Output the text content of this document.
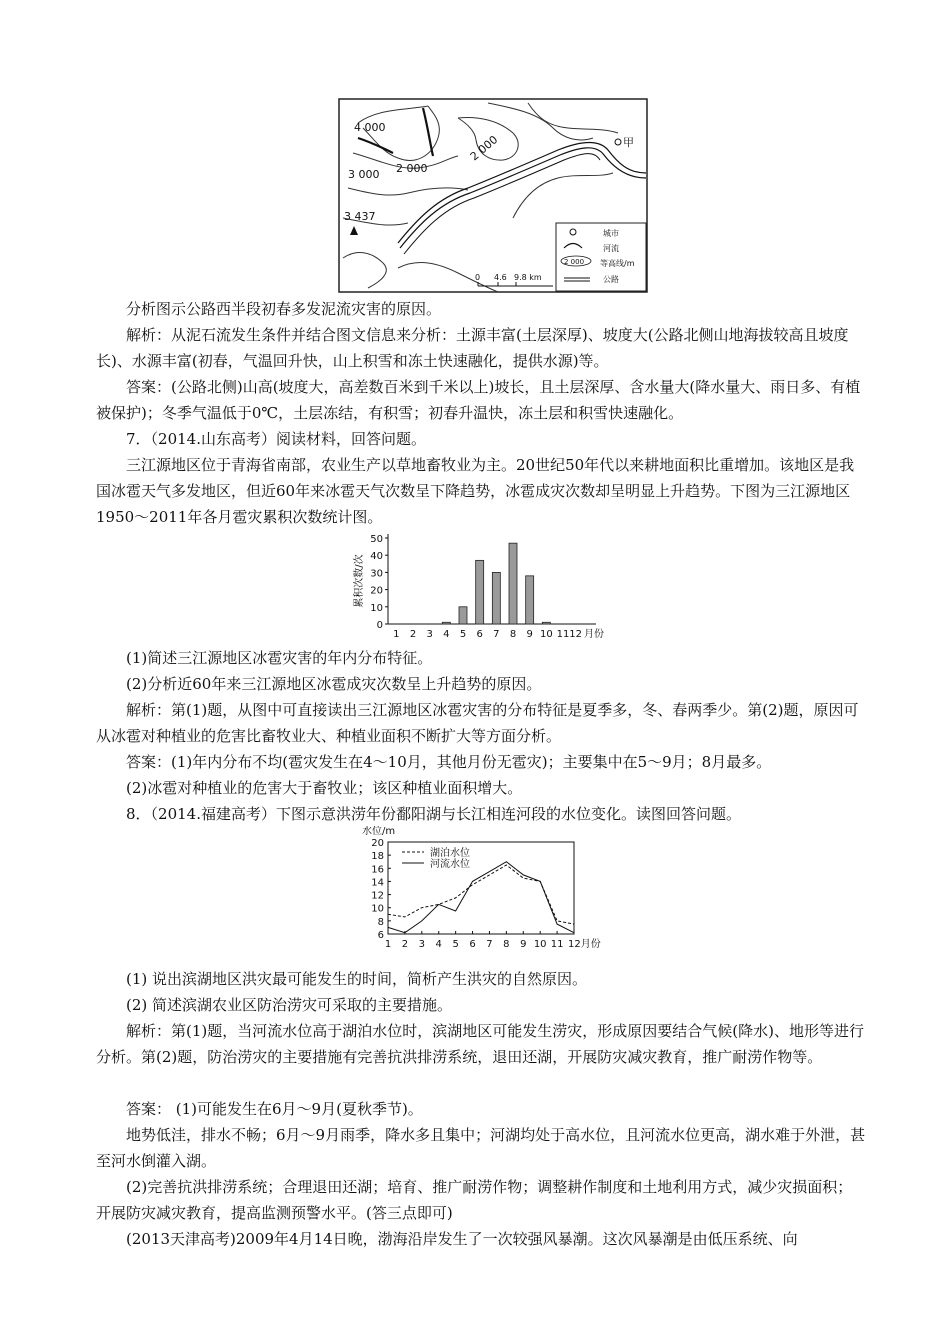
4 000
3 000 2 000
2 000
3 437
甲
0 4.6 9.8 km
城市
河流
2 000 等高线/m
公路

分析图示公路西半段初春多发泥流灾害的原因。

解析：从泥石流发生条件并结合图文信息来分析：土源丰富(土层深厚)、坡度大(公路北侧山地海拔较高且坡度长)、水源丰富(初春，气温回升快，山上积雪和冻土快速融化，提供水源)等。

答案：(公路北侧)山高(坡度大，高差数百米到千米以上)坡长，且土层深厚、含水量大(降水量大、雨日多、有植被保护)；冬季气温低于0℃，土层冻结，有积雪；初春升温快，冻土层和积雪快速融化。

7．（2014.山东高考）阅读材料，回答问题。

三江源地区位于青海省南部，农业生产以草地畜牧业为主。20世纪50年代以来耕地面积比重增加。该地区是我国冰雹天气多发地区，但近60年来冰雹天气次数呈下降趋势，冰雹成灾次数却呈明显上升趋势。下图为三江源地区1950～2011年各月雹灾累积次数统计图。

0
10
20
30
40
50
累积次数/次
1 2 3 4 5 6 7 8 9 10 11 12 月份

(1)简述三江源地区冰雹灾害的年内分布特征。

(2)分析近60年来三江源地区冰雹成灾次数呈上升趋势的原因。

解析：第(1)题，从图中可直接读出三江源地区冰雹灾害的分布特征是夏季多，冬、春两季少。第(2)题，原因可从冰雹对种植业的危害比畜牧业大、种植业面积不断扩大等方面分析。

答案：(1)年内分布不均(雹灾发生在4～10月，其他月份无雹灾)；主要集中在5～9月；8月最多。

(2)冰雹对种植业的危害大于畜牧业；该区种植业面积增大。

8．（2014.福建高考）下图示意洪涝年份鄱阳湖与长江相连河段的水位变化。读图回答问题。

水位/m
6
8
10
12
14
16
18
20
1 2 3 4 5 6 7 8 9 10 11 12月份
湖泊水位
河流水位

(1) 说出滨湖地区洪灾最可能发生的时间，简析产生洪灾的自然原因。

(2) 简述滨湖农业区防治涝灾可采取的主要措施。

解析：第(1)题，当河流水位高于湖泊水位时，滨湖地区可能发生涝灾，形成原因要结合气候(降水)、地形等进行分析。第(2)题，防治涝灾的主要措施有完善抗洪排涝系统，退田还湖，开展防灾减灾教育，推广耐涝作物等。

答案： (1)可能发生在6月～9月(夏秋季节)。

地势低洼，排水不畅；6月～9月雨季，降水多且集中；河湖均处于高水位，且河流水位更高，湖水难于外泄，甚至河水倒灌入湖。

(2)完善抗洪排涝系统；合理退田还湖；培育、推广耐涝作物；调整耕作制度和土地利用方式，减少灾损面积；开展防灾减灾教育，提高监测预警水平。(答三点即可)

(2013天津高考)2009年4月14日晚，渤海沿岸发生了一次较强风暴潮。这次风暴潮是由低压系统、向
